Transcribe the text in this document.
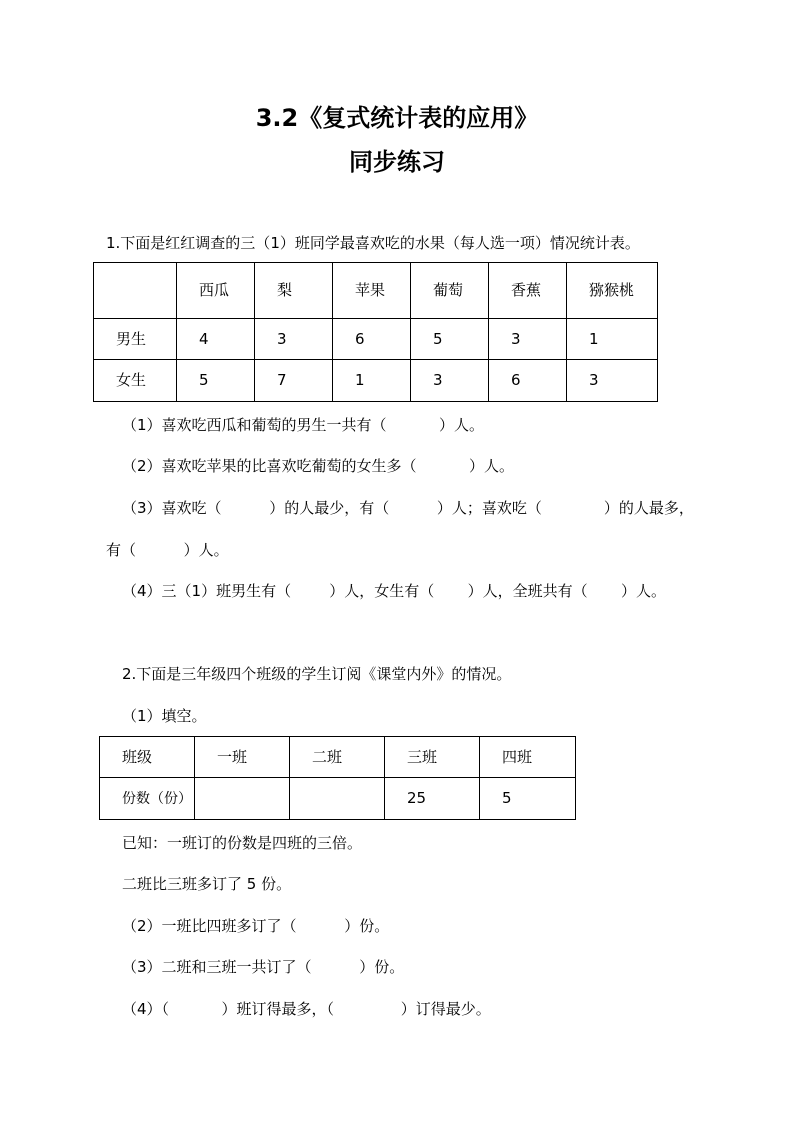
3.2《复式统计表的应用》
同步练习
1.下面是红红调查的三（1）班同学最喜欢吃的水果（每人选一项）情况统计表。
	西瓜	梨	苹果	葡萄	香蕉	猕猴桃
男生	4	3	6	5	3	1
女生	5	7	1	3	6	3
（1）喜欢吃西瓜和葡萄的男生一共有（           ）人。
（2）喜欢吃苹果的比喜欢吃葡萄的女生多（           ）人。
（3）喜欢吃（          ）的人最少，有（          ）人；喜欢吃（             ）的人最多，
有（          ）人。
（4）三（1）班男生有（        ）人，女生有（       ）人，全班共有（       ）人。
2.下面是三年级四个班级的学生订阅《课堂内外》的情况。
（1）填空。
班级	一班	二班	三班	四班
份数（份）			25	5
已知：一班订的份数是四班的三倍。
二班比三班多订了 5 份。
（2）一班比四班多订了（          ）份。
（3）二班和三班一共订了（          ）份。
（4）（           ）班订得最多，（              ）订得最少。
